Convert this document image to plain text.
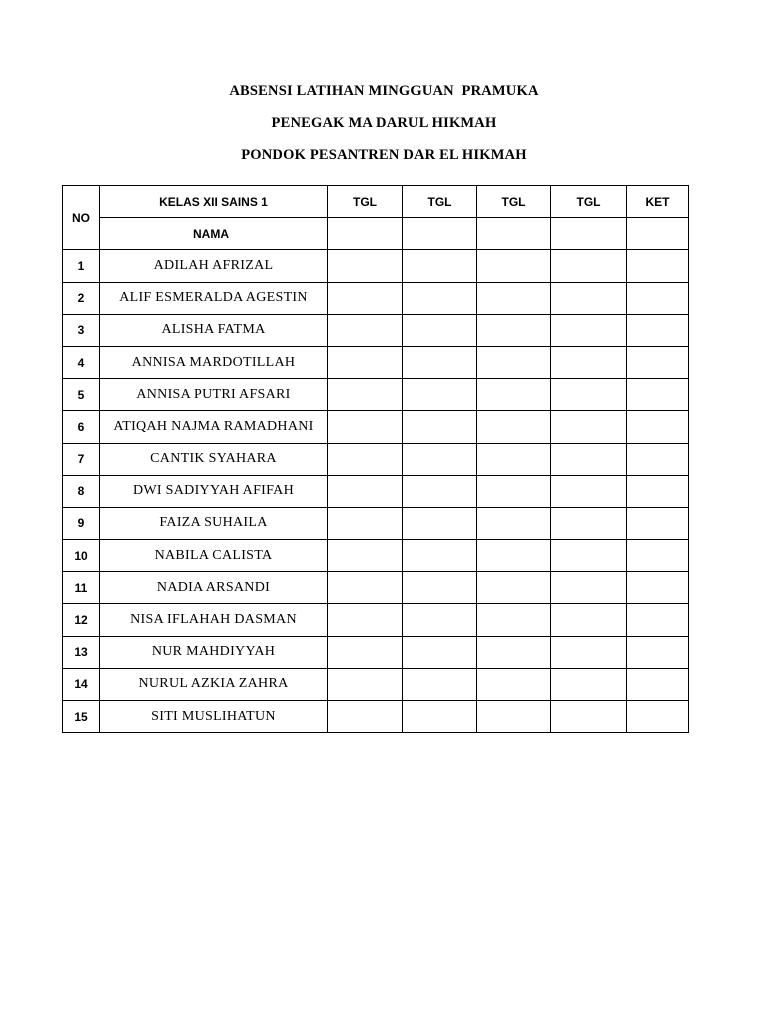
ABSENSI LATIHAN MINGGUAN  PRAMUKA
PENEGAK MA DARUL HIKMAH
PONDOK PESANTREN DAR EL HIKMAH
NO	KELAS XII SAINS 1	TGL	TGL	TGL	TGL	KET
	NAMA					
1	ADILAH AFRIZAL					
2	ALIF ESMERALDA AGESTIN					
3	ALISHA FATMA					
4	ANNISA MARDOTILLAH					
5	ANNISA PUTRI AFSARI					
6	ATIQAH NAJMA RAMADHANI					
7	CANTIK SYAHARA					
8	DWI SADIYYAH AFIFAH					
9	FAIZA SUHAILA					
10	NABILA CALISTA					
11	NADIA ARSANDI					
12	NISA IFLAHAH DASMAN					
13	NUR MAHDIYYAH					
14	NURUL AZKIA ZAHRA					
15	SITI MUSLIHATUN					
